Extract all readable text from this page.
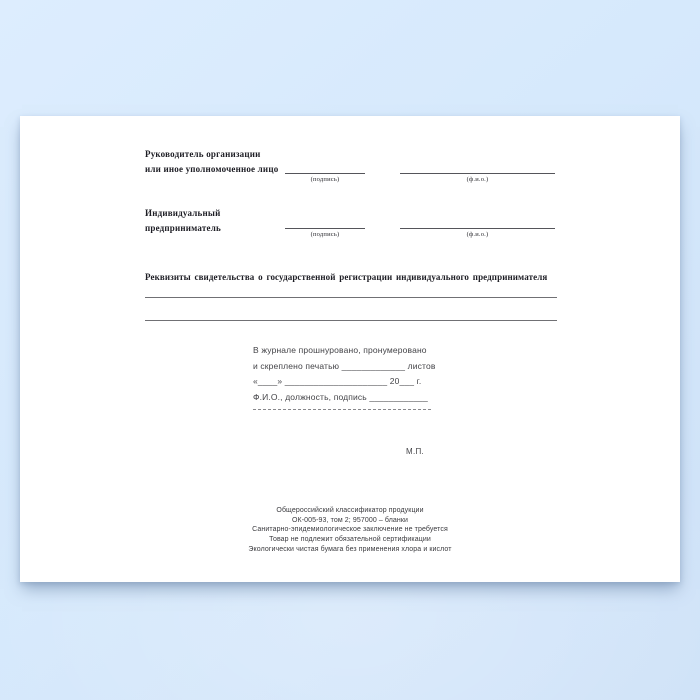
Руководитель организации
или иное уполномоченное лицо
(подпись)	(ф.и.о.)
Индивидуальный
предприниматель
(подпись)	(ф.и.о.)
Реквизиты свидетельства о государственной регистрации индивидуального предпринимателя
В журнале прошнуровано, пронумеровано
и скреплено печатью _____________ листов
«____» _____________________ 20___ г.
Ф.И.О., должность, подпись ____________
М.П.
Общероссийский классификатор продукции
ОК-005-93, том 2; 957000 – бланки
Санитарно-эпидемиологическое заключение не требуется
Товар не подлежит обязательной сертификации
Экологически чистая бумага без применения хлора и кислот
